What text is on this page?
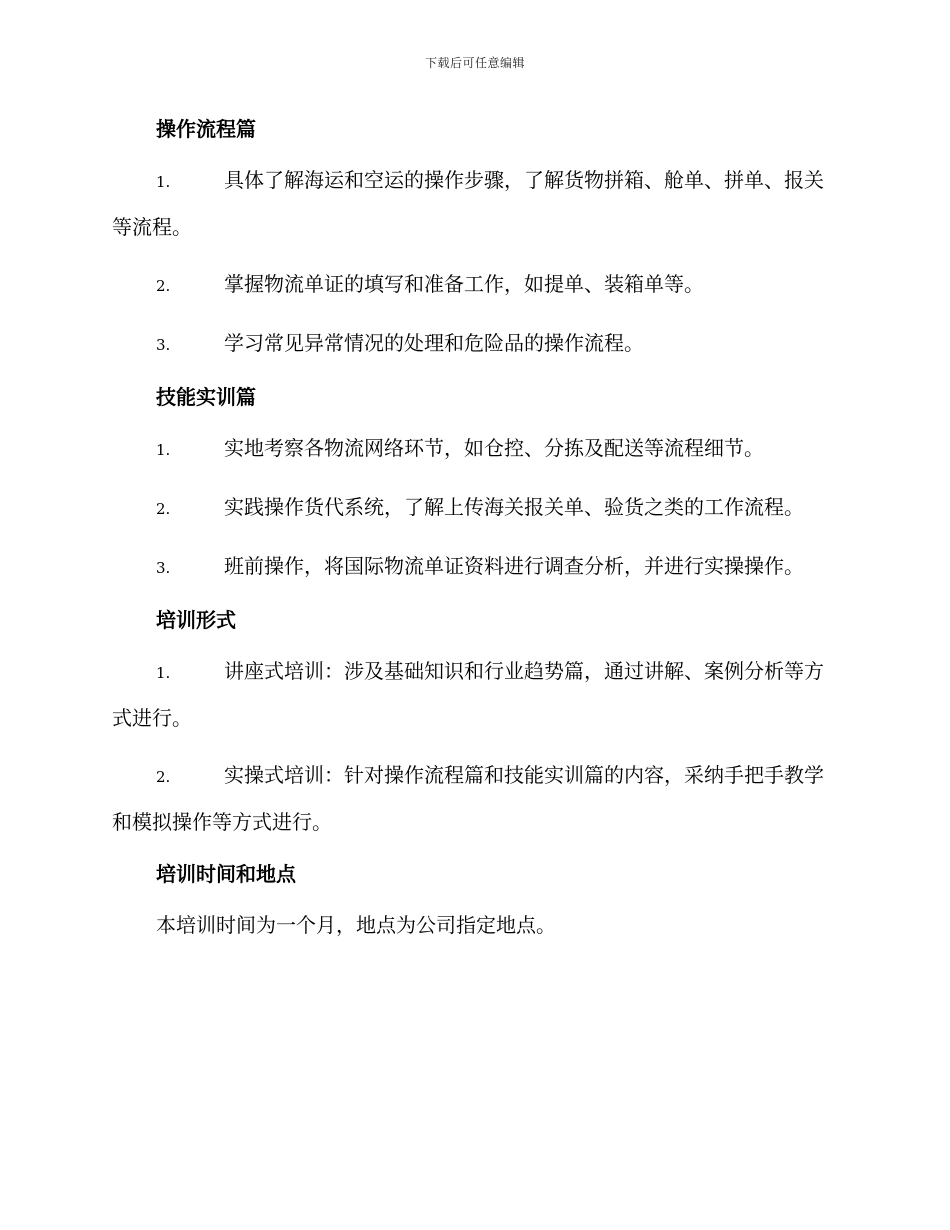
下载后可任意编辑
操作流程篇

1.	具体了解海运和空运的操作步骤，了解货物拼箱、舱单、拼单、报关等流程。

2.	掌握物流单证的填写和准备工作，如提单、装箱单等。

3.	学习常见异常情况的处理和危险品的操作流程。

技能实训篇

1.	实地考察各物流网络环节，如仓控、分拣及配送等流程细节。

2.	实践操作货代系统，了解上传海关报关单、验货之类的工作流程。

3.	班前操作，将国际物流单证资料进行调查分析，并进行实操操作。

培训形式

1.	讲座式培训：涉及基础知识和行业趋势篇，通过讲解、案例分析等方式进行。

2.	实操式培训：针对操作流程篇和技能实训篇的内容，采纳手把手教学和模拟操作等方式进行。

培训时间和地点

本培训时间为一个月，地点为公司指定地点。
